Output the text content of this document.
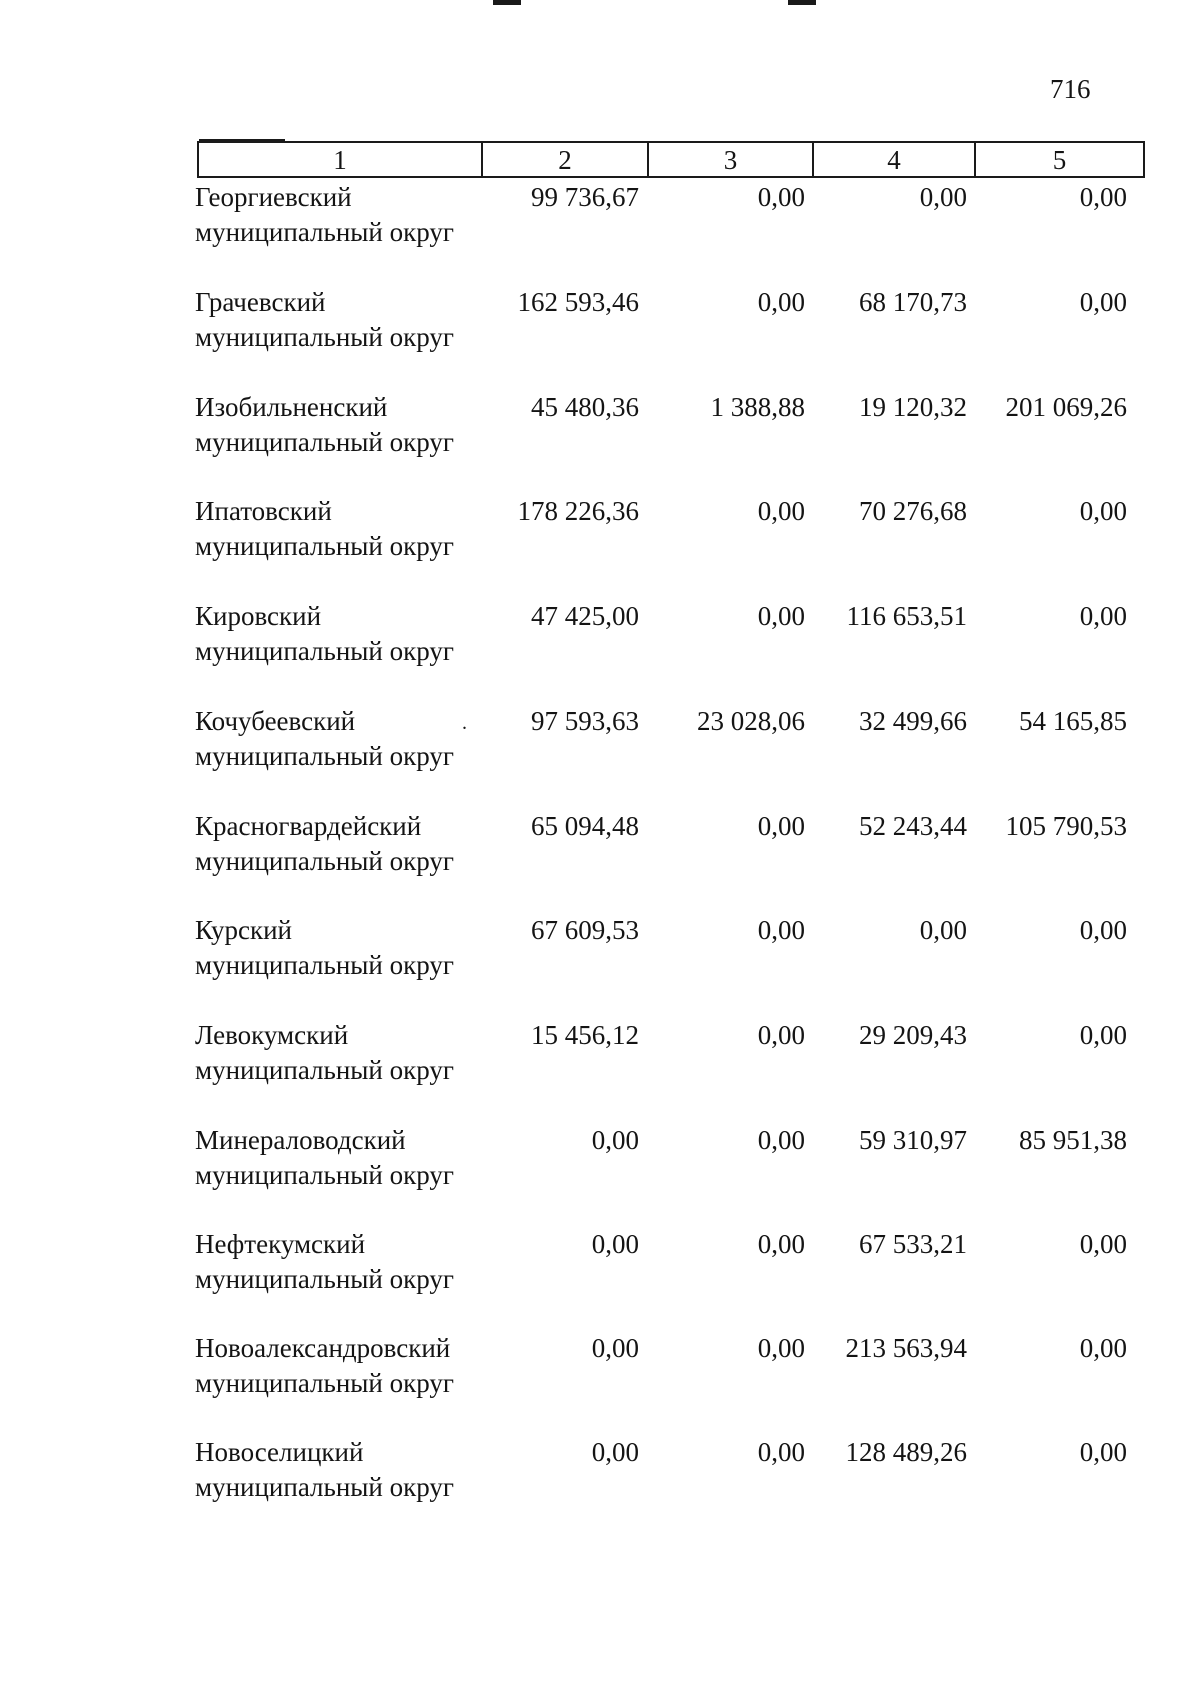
716
1	2	3	4	5
Георгиевский
муниципальный округ
99 736,67	0,00	0,00	0,00
Грачевский
муниципальный округ
162 593,46	0,00	68 170,73	0,00
Изобильненский
муниципальный округ
45 480,36	1 388,88	19 120,32	201 069,26
Ипатовский
муниципальный округ
178 226,36	0,00	70 276,68	0,00
Кировский
муниципальный округ
47 425,00	0,00	116 653,51	0,00
Кочубеевский
муниципальный округ
.	97 593,63	23 028,06	32 499,66	54 165,85
Красногвардейский
муниципальный округ
65 094,48	0,00	52 243,44	105 790,53
Курский
муниципальный округ
67 609,53	0,00	0,00	0,00
Левокумский
муниципальный округ
15 456,12	0,00	29 209,43	0,00
Минераловодский
муниципальный округ
0,00	0,00	59 310,97	85 951,38
Нефтекумский
муниципальный округ
0,00	0,00	67 533,21	0,00
Новоалександровский
муниципальный округ
0,00	0,00	213 563,94	0,00
Новоселицкий
муниципальный округ
0,00	0,00	128 489,26	0,00
